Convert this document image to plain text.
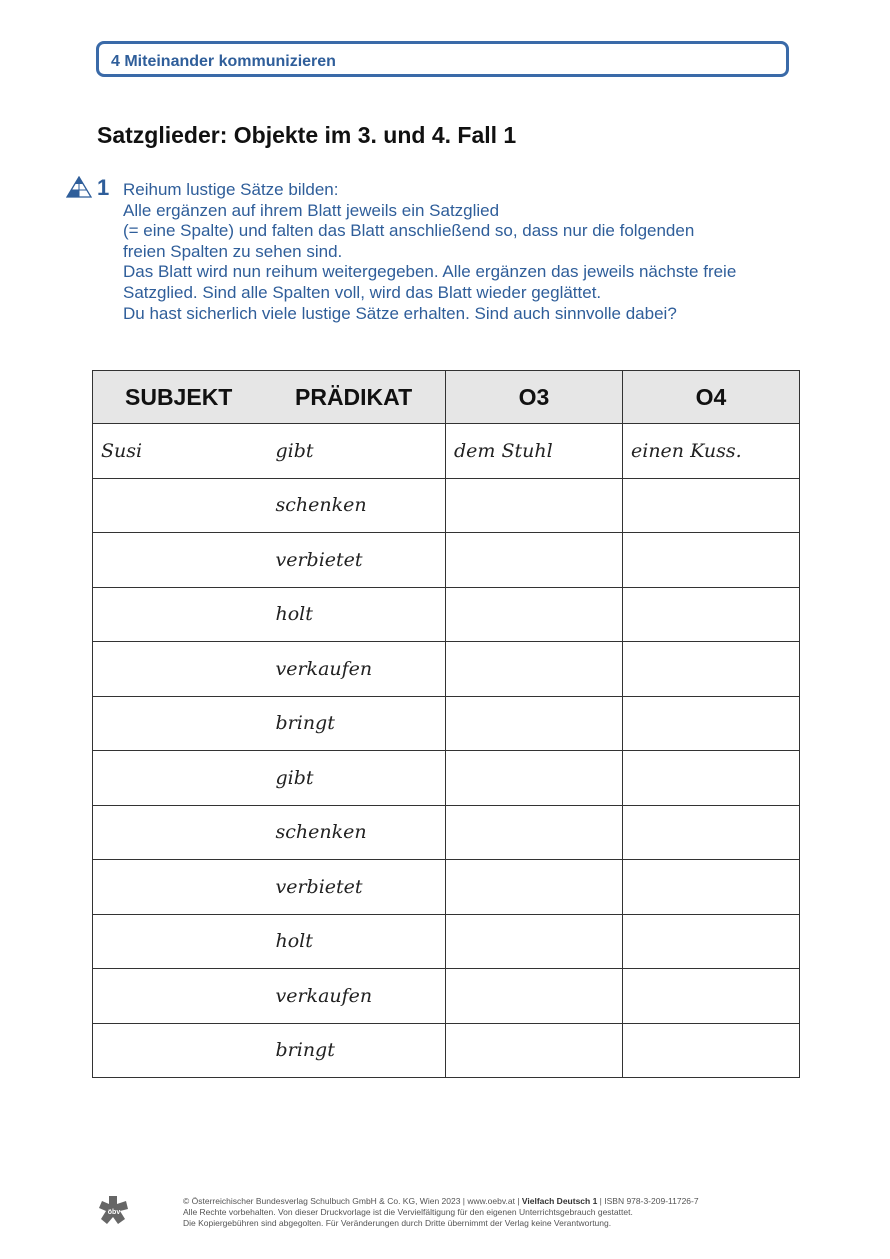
4 Miteinander kommunizieren
Satzglieder: Objekte im 3. und 4. Fall 1
1 Reihum lustige Sätze bilden:
Alle ergänzen auf ihrem Blatt jeweils ein Satzglied
(= eine Spalte) und falten das Blatt anschließend so, dass nur die folgenden
freien Spalten zu sehen sind.
Das Blatt wird nun reihum weitergegeben. Alle ergänzen das jeweils nächste freie
Satzglied. Sind alle Spalten voll, wird das Blatt wieder geglättet.
Du hast sicherlich viele lustige Sätze erhalten. Sind auch sinnvolle dabei?
SUBJEKT PRÄDIKAT		O3	O4
Susi	gibt	dem Stuhl	einen Kuss.
	schenken		
	verbietet		
	holt		
	verkaufen		
	bringt		
	gibt		
	schenken		
	verbietet		
	holt		
	verkaufen		
	bringt		
öbv
© Österreichischer Bundesverlag Schulbuch GmbH & Co. KG, Wien 2023 | www.oebv.at | Vielfach Deutsch 1 | ISBN 978-3-209-11726-7
Alle Rechte vorbehalten. Von dieser Druckvorlage ist die Vervielfältigung für den eigenen Unterrichtsgebrauch gestattet.
Die Kopiergebühren sind abgegolten. Für Veränderungen durch Dritte übernimmt der Verlag keine Verantwortung.
